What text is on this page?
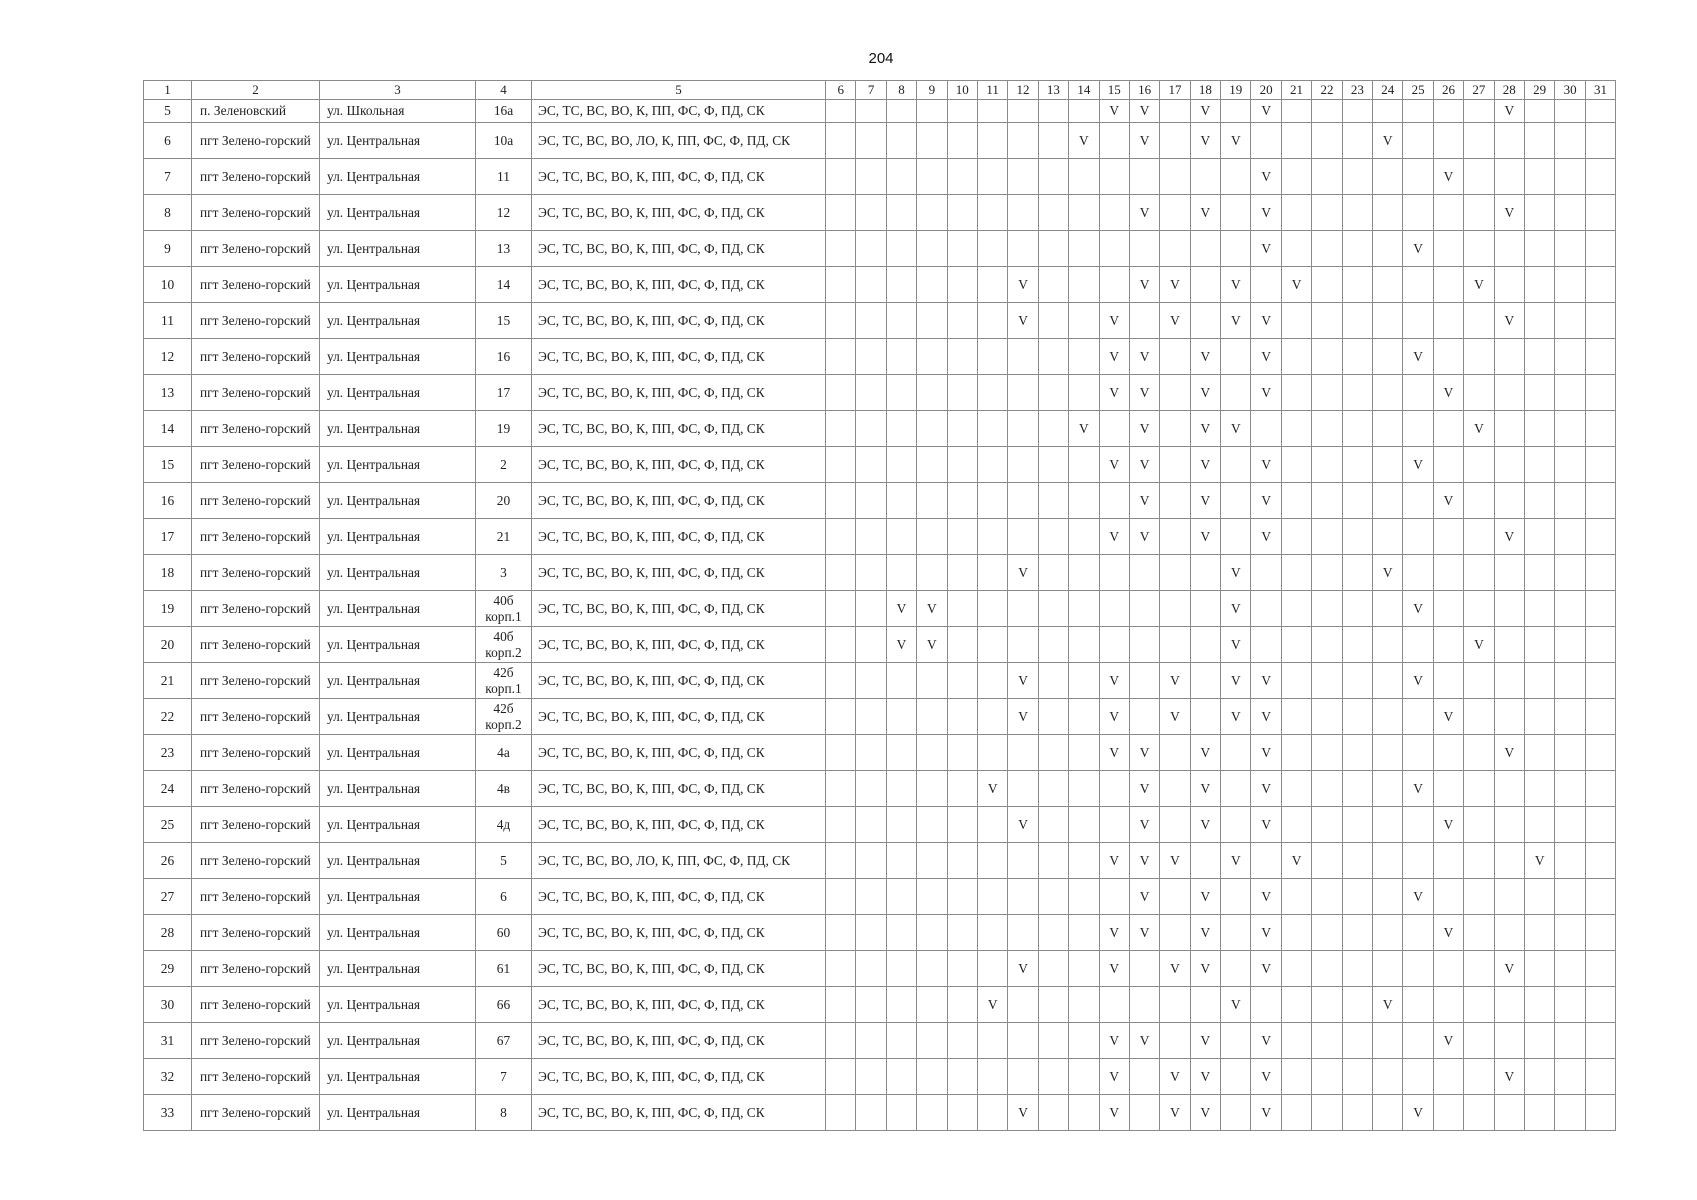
204
1	2	3	4	5	6	7	8	9	10	11	12	13	14	15	16	17	18	19	20	21	22	23	24	25	26	27	28	29	30	31
5	п. Зеленовский	ул. Школьная	16а	ЭС, ТС, ВС, ВО, К, ПП, ФС, Ф, ПД, СК										V	V		V		V								V			
6	пгт Зелено-горский	ул. Центральная	10а	ЭС, ТС, ВС, ВО, ЛО, К, ПП, ФС, Ф, ПД, СК									V		V		V	V					V							
7	пгт Зелено-горский	ул. Центральная	11	ЭС, ТС, ВС, ВО, К, ПП, ФС, Ф, ПД, СК															V						V					
8	пгт Зелено-горский	ул. Центральная	12	ЭС, ТС, ВС, ВО, К, ПП, ФС, Ф, ПД, СК											V		V		V								V			
9	пгт Зелено-горский	ул. Центральная	13	ЭС, ТС, ВС, ВО, К, ПП, ФС, Ф, ПД, СК															V					V						
10	пгт Зелено-горский	ул. Центральная	14	ЭС, ТС, ВС, ВО, К, ПП, ФС, Ф, ПД, СК							V				V	V		V		V						V				
11	пгт Зелено-горский	ул. Центральная	15	ЭС, ТС, ВС, ВО, К, ПП, ФС, Ф, ПД, СК							V			V		V		V	V								V			
12	пгт Зелено-горский	ул. Центральная	16	ЭС, ТС, ВС, ВО, К, ПП, ФС, Ф, ПД, СК										V	V		V		V					V						
13	пгт Зелено-горский	ул. Центральная	17	ЭС, ТС, ВС, ВО, К, ПП, ФС, Ф, ПД, СК										V	V		V		V						V					
14	пгт Зелено-горский	ул. Центральная	19	ЭС, ТС, ВС, ВО, К, ПП, ФС, Ф, ПД, СК									V		V		V	V								V				
15	пгт Зелено-горский	ул. Центральная	2	ЭС, ТС, ВС, ВО, К, ПП, ФС, Ф, ПД, СК										V	V		V		V					V						
16	пгт Зелено-горский	ул. Центральная	20	ЭС, ТС, ВС, ВО, К, ПП, ФС, Ф, ПД, СК											V		V		V						V					
17	пгт Зелено-горский	ул. Центральная	21	ЭС, ТС, ВС, ВО, К, ПП, ФС, Ф, ПД, СК										V	V		V		V								V			
18	пгт Зелено-горский	ул. Центральная	3	ЭС, ТС, ВС, ВО, К, ПП, ФС, Ф, ПД, СК							V							V					V							
19	пгт Зелено-горский	ул. Центральная	40б корп.1	ЭС, ТС, ВС, ВО, К, ПП, ФС, Ф, ПД, СК			V	V										V						V						
20	пгт Зелено-горский	ул. Центральная	40б корп.2	ЭС, ТС, ВС, ВО, К, ПП, ФС, Ф, ПД, СК			V	V										V								V				
21	пгт Зелено-горский	ул. Центральная	42б корп.1	ЭС, ТС, ВС, ВО, К, ПП, ФС, Ф, ПД, СК							V			V		V		V	V					V						
22	пгт Зелено-горский	ул. Центральная	42б корп.2	ЭС, ТС, ВС, ВО, К, ПП, ФС, Ф, ПД, СК							V			V		V		V	V						V					
23	пгт Зелено-горский	ул. Центральная	4а	ЭС, ТС, ВС, ВО, К, ПП, ФС, Ф, ПД, СК										V	V		V		V								V			
24	пгт Зелено-горский	ул. Центральная	4в	ЭС, ТС, ВС, ВО, К, ПП, ФС, Ф, ПД, СК						V					V		V		V					V						
25	пгт Зелено-горский	ул. Центральная	4д	ЭС, ТС, ВС, ВО, К, ПП, ФС, Ф, ПД, СК							V				V		V		V						V					
26	пгт Зелено-горский	ул. Центральная	5	ЭС, ТС, ВС, ВО, ЛО, К, ПП, ФС, Ф, ПД, СК										V	V	V		V		V								V		
27	пгт Зелено-горский	ул. Центральная	6	ЭС, ТС, ВС, ВО, К, ПП, ФС, Ф, ПД, СК											V		V		V					V						
28	пгт Зелено-горский	ул. Центральная	60	ЭС, ТС, ВС, ВО, К, ПП, ФС, Ф, ПД, СК										V	V		V		V						V					
29	пгт Зелено-горский	ул. Центральная	61	ЭС, ТС, ВС, ВО, К, ПП, ФС, Ф, ПД, СК							V			V		V	V		V								V			
30	пгт Зелено-горский	ул. Центральная	66	ЭС, ТС, ВС, ВО, К, ПП, ФС, Ф, ПД, СК						V								V					V							
31	пгт Зелено-горский	ул. Центральная	67	ЭС, ТС, ВС, ВО, К, ПП, ФС, Ф, ПД, СК										V	V		V		V						V					
32	пгт Зелено-горский	ул. Центральная	7	ЭС, ТС, ВС, ВО, К, ПП, ФС, Ф, ПД, СК										V		V	V		V								V			
33	пгт Зелено-горский	ул. Центральная	8	ЭС, ТС, ВС, ВО, К, ПП, ФС, Ф, ПД, СК							V			V		V	V		V					V						
